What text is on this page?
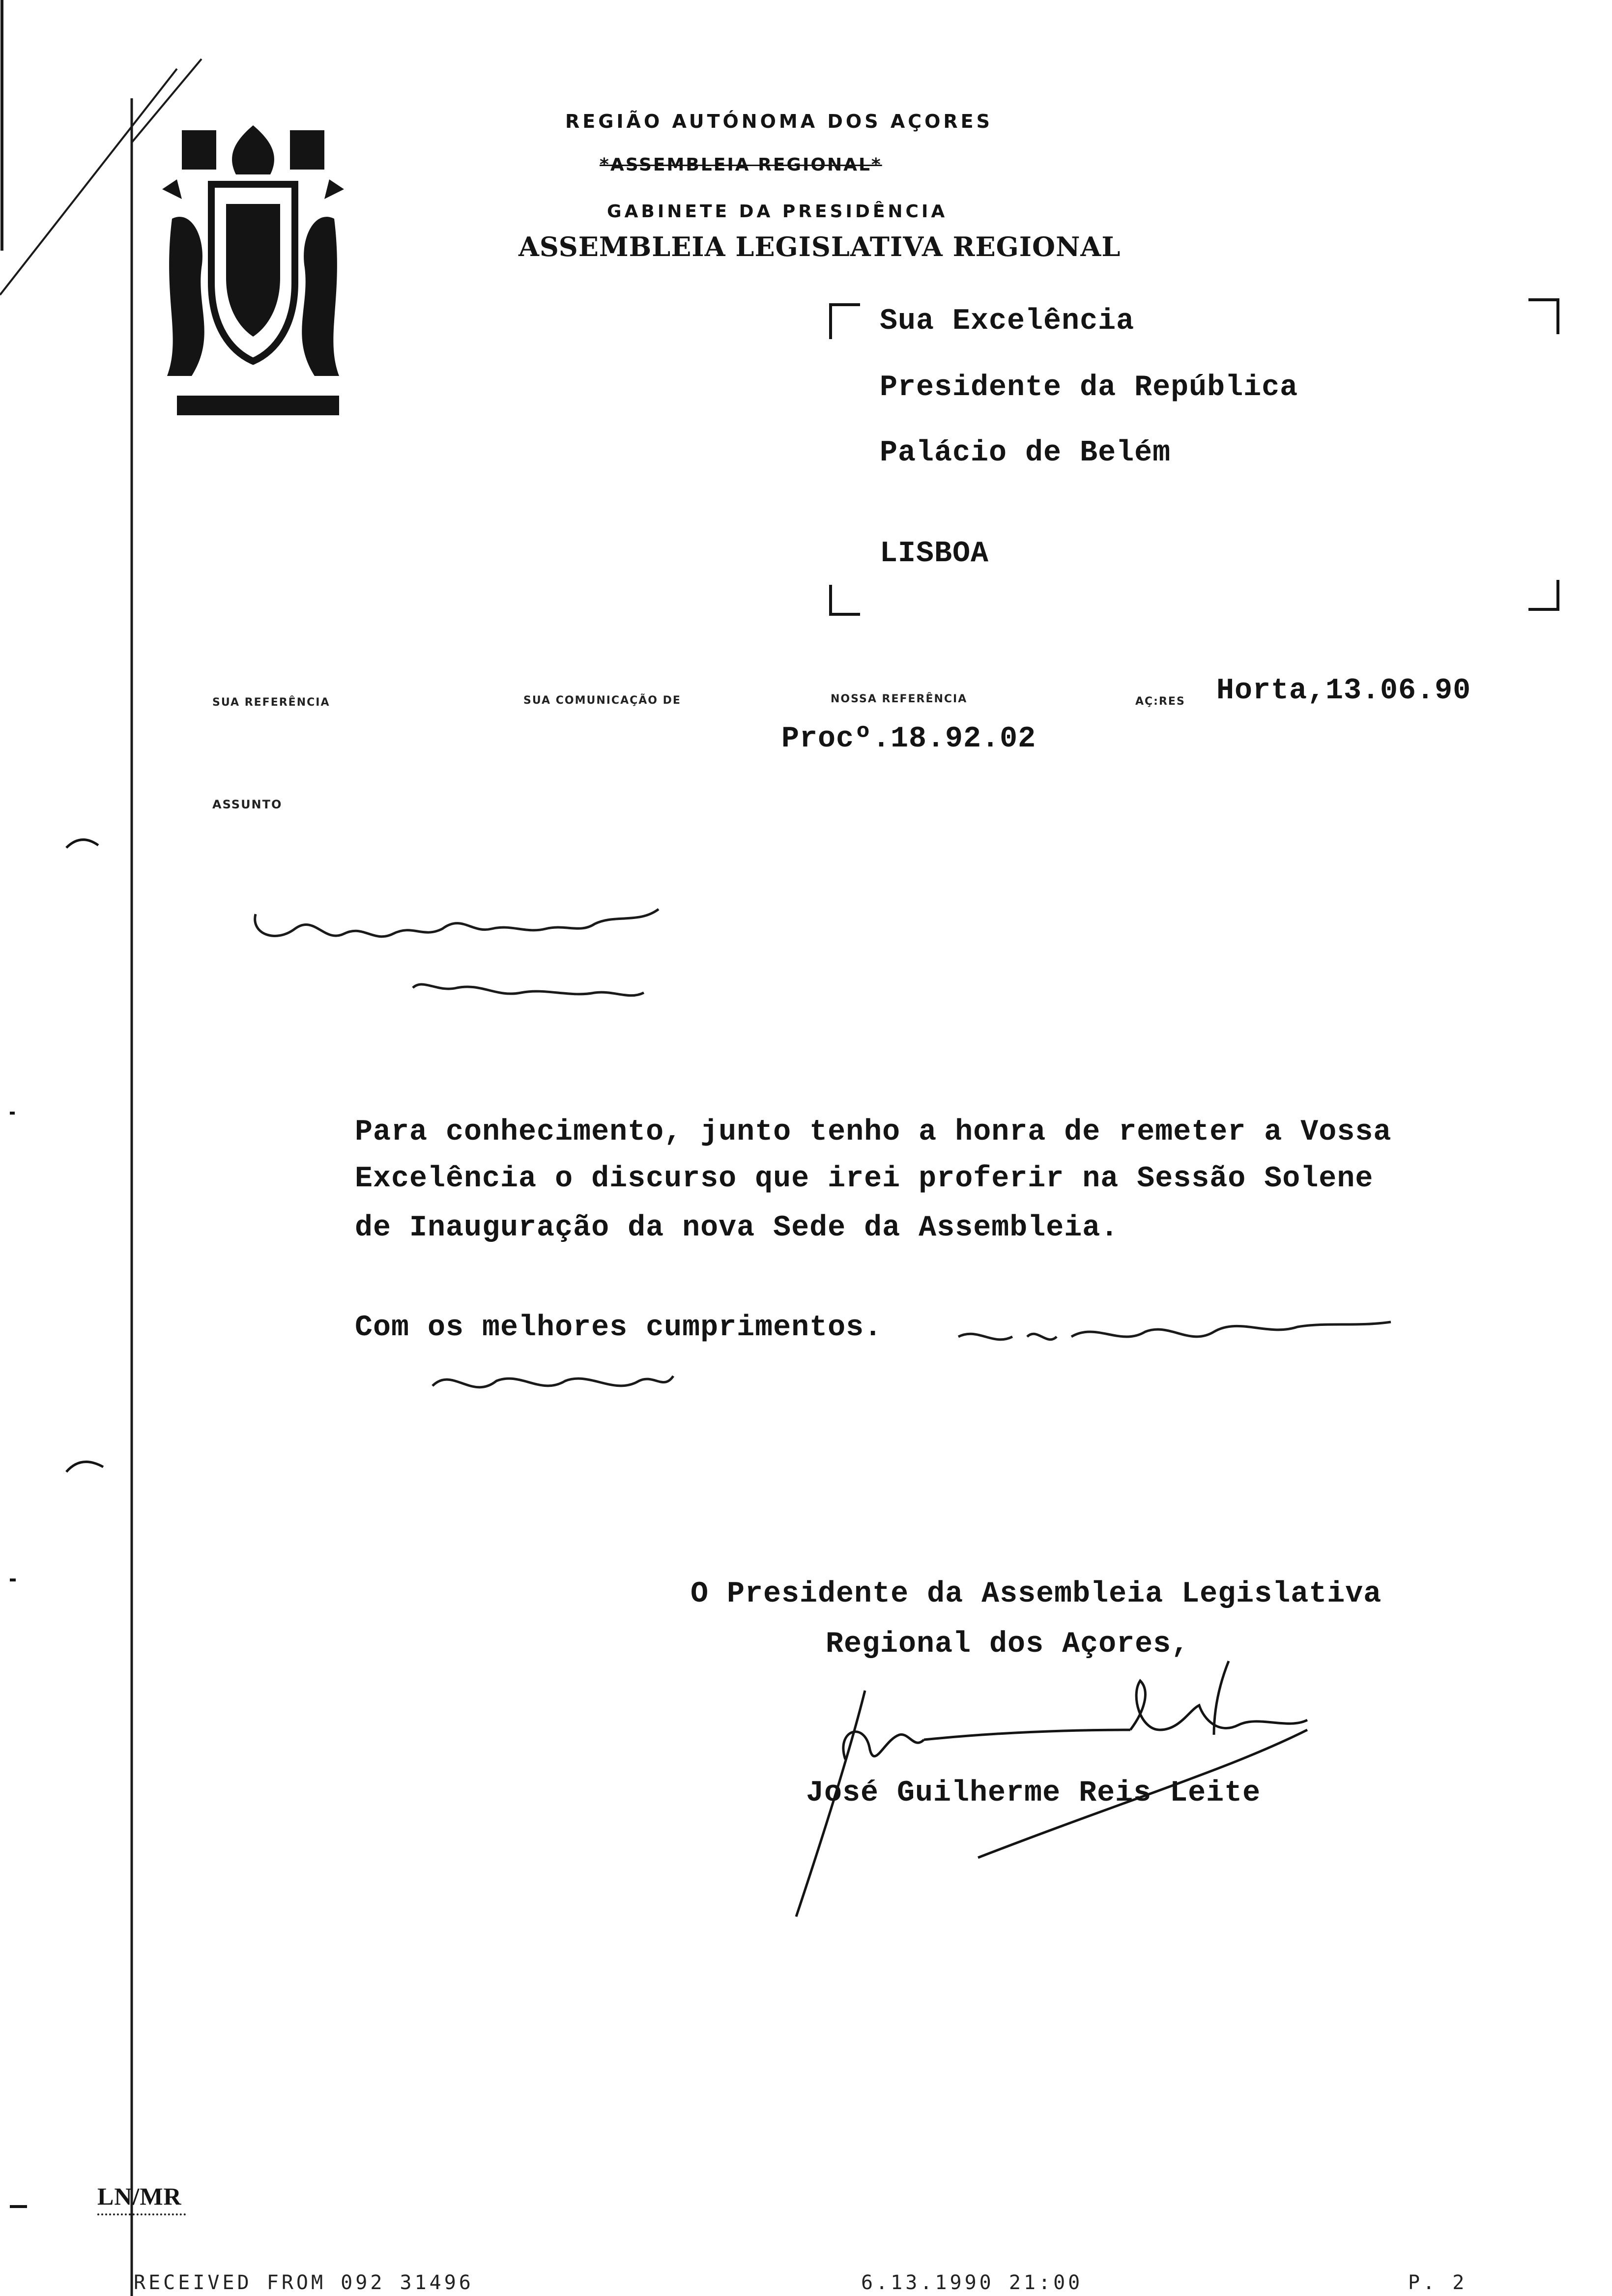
REGIÃO AUTÓNOMA DOS AÇORES
*ASSEMBLEIA REGIONAL*
GABINETE DA PRESIDÊNCIA
ASSEMBLEIA LEGISLATIVA REGIONAL
Sua Excelência
Presidente da República
Palácio de Belém
LISBOA
SUA REFERÊNCIA	SUA COMUNICAÇÃO DE	NOSSA REFERÊNCIA	AÇ:RES Horta,13.06.90
Procº.18.92.02
ASSUNTO
Para conhecimento, junto tenho a honra de remeter a Vossa
Excelência o discurso que irei proferir na Sessão Solene
de Inauguração da nova Sede da Assembleia.
Com os melhores cumprimentos.
O Presidente da Assembleia Legislativa
Regional dos Açores,
José Guilherme Reis Leite
LN/MR
RECEIVED FROM 092 31496	6.13.1990 21:00	P. 2
